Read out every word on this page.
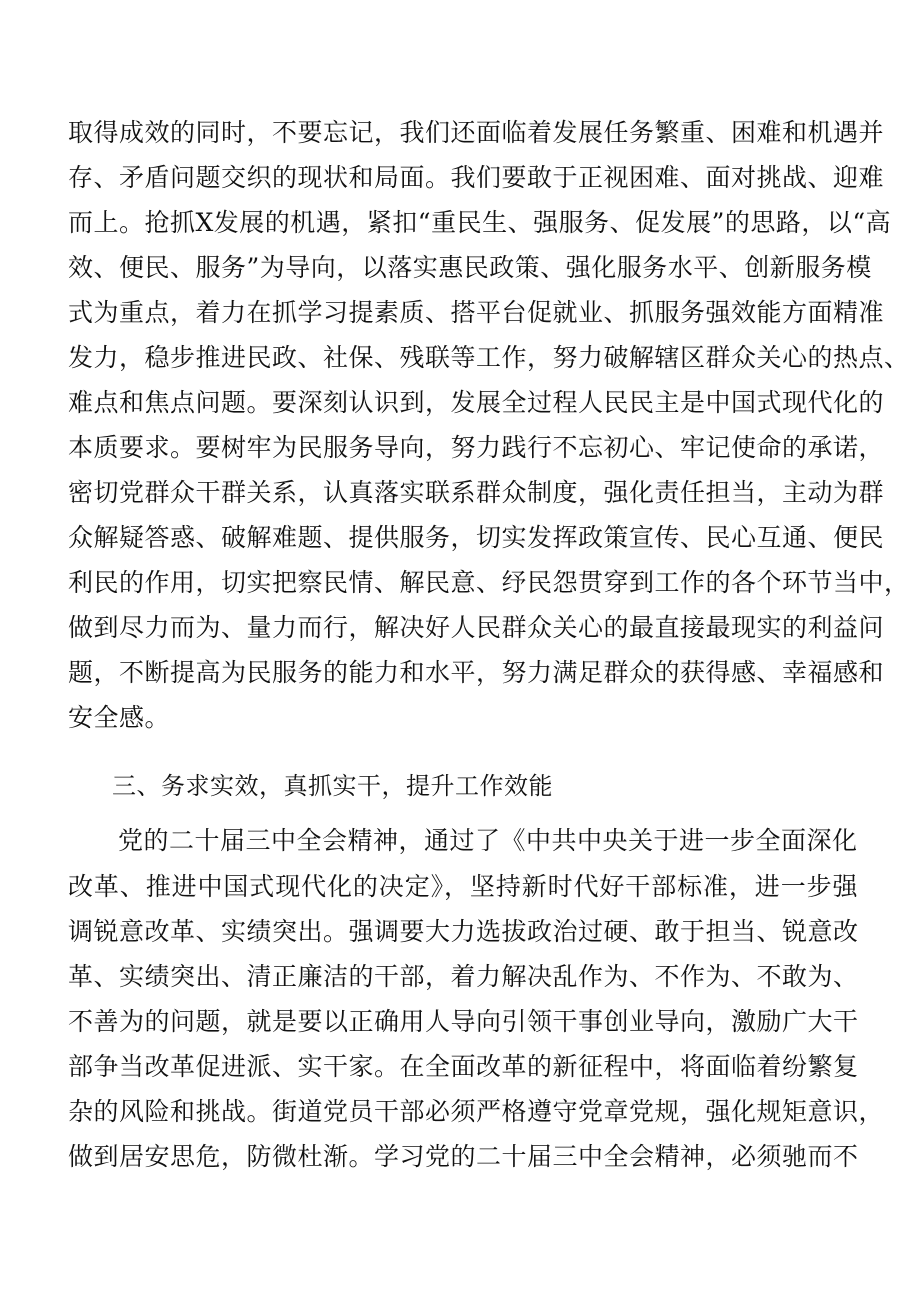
取得成效的同时，不要忘记，我们还面临着发展任务繁重、困难和机遇并
存、矛盾问题交织的现状和局面。我们要敢于正视困难、面对挑战、迎难
而上。抢抓X发展的机遇，紧扣“重民生、强服务、促发展”的思路，以“高
效、便民、服务”为导向，以落实惠民政策、强化服务水平、创新服务模
式为重点，着力在抓学习提素质、搭平台促就业、抓服务强效能方面精准
发力，稳步推进民政、社保、残联等工作，努力破解辖区群众关心的热点、
难点和焦点问题。要深刻认识到，发展全过程人民民主是中国式现代化的
本质要求。要树牢为民服务导向，努力践行不忘初心、牢记使命的承诺，
密切党群众干群关系，认真落实联系群众制度，强化责任担当，主动为群
众解疑答惑、破解难题、提供服务，切实发挥政策宣传、民心互通、便民
利民的作用，切实把察民情、解民意、纾民怨贯穿到工作的各个环节当中，
做到尽力而为、量力而行，解决好人民群众关心的最直接最现实的利益问
题，不断提高为民服务的能力和水平，努力满足群众的获得感、幸福感和
安全感。
三、务求实效，真抓实干，提升工作效能
党的二十届三中全会精神，通过了《中共中央关于进一步全面深化
改革、推进中国式现代化的决定》，坚持新时代好干部标准，进一步强
调锐意改革、实绩突出。强调要大力选拔政治过硬、敢于担当、锐意改
革、实绩突出、清正廉洁的干部，着力解决乱作为、不作为、不敢为、
不善为的问题，就是要以正确用人导向引领干事创业导向，激励广大干
部争当改革促进派、实干家。在全面改革的新征程中，将面临着纷繁复
杂的风险和挑战。街道党员干部必须严格遵守党章党规，强化规矩意识，
做到居安思危，防微杜渐。学习党的二十届三中全会精神，必须驰而不
